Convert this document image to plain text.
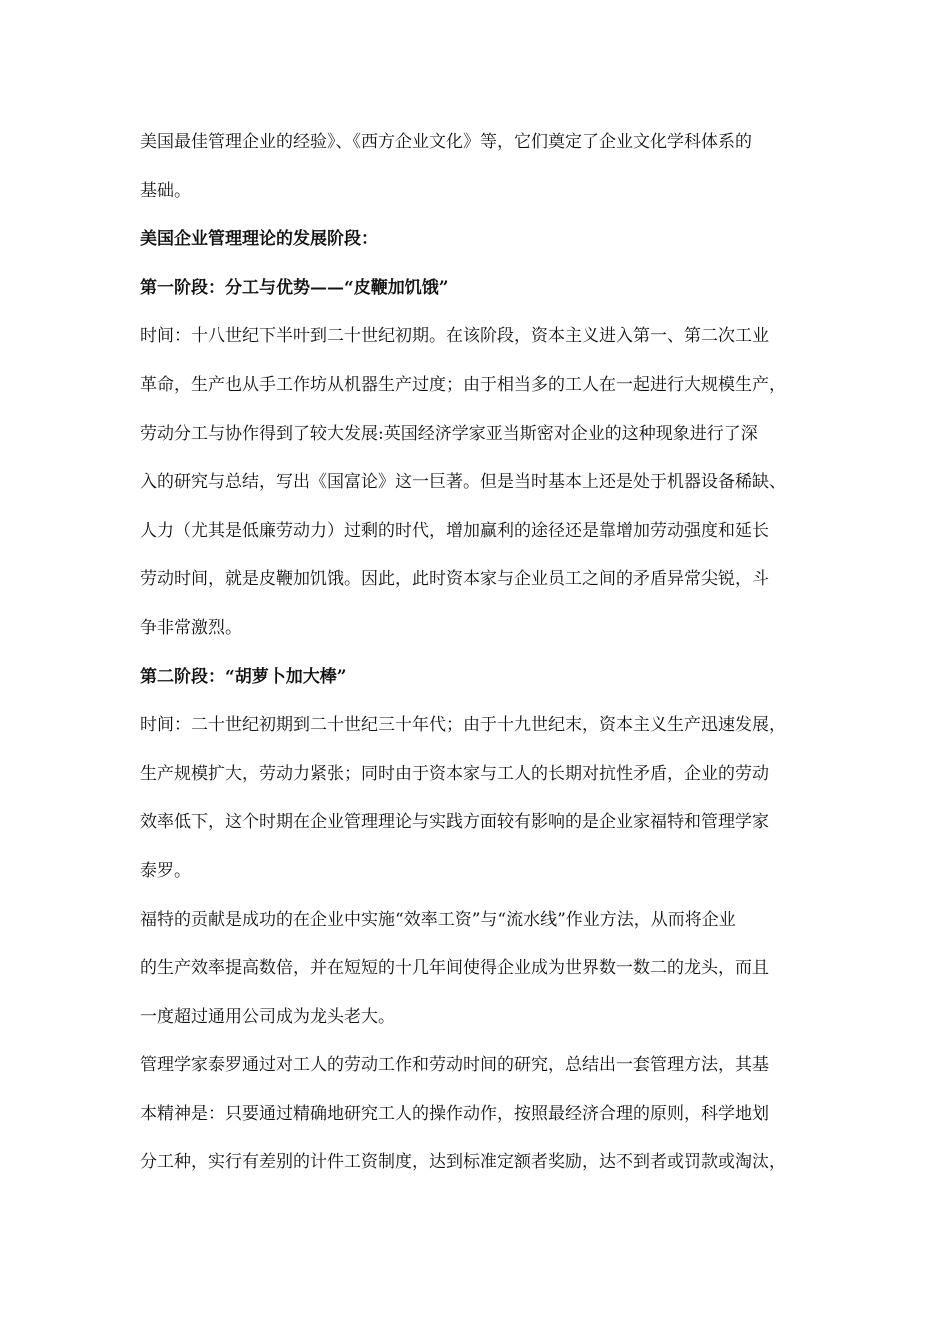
美国最佳管理企业的经验》、《西方企业文化》等，它们奠定了企业文化学科体系的
基础。
美国企业管理理论的发展阶段：
第一阶段：分工与优势——“皮鞭加饥饿”
时间：十八世纪下半叶到二十世纪初期。在该阶段，资本主义进入第一、第二次工业
革命，生产也从手工作坊从机器生产过度；由于相当多的工人在一起进行大规模生产，
劳动分工与协作得到了较大发展:英国经济学家亚当斯密对企业的这种现象进行了深
入的研究与总结，写出《国富论》这一巨著。但是当时基本上还是处于机器设备稀缺、
人力（尤其是低廉劳动力）过剩的时代，增加赢利的途径还是靠增加劳动强度和延长
劳动时间，就是皮鞭加饥饿。因此，此时资本家与企业员工之间的矛盾异常尖锐，斗
争非常激烈。
第二阶段：“胡萝卜加大棒”
时间：二十世纪初期到二十世纪三十年代；由于十九世纪末，资本主义生产迅速发展，
生产规模扩大，劳动力紧张；同时由于资本家与工人的长期对抗性矛盾，企业的劳动
效率低下，这个时期在企业管理理论与实践方面较有影响的是企业家福特和管理学家
泰罗。
福特的贡献是成功的在企业中实施“效率工资”与“流水线”作业方法，从而将企业
的生产效率提高数倍，并在短短的十几年间使得企业成为世界数一数二的龙头，而且
一度超过通用公司成为龙头老大。
管理学家泰罗通过对工人的劳动工作和劳动时间的研究，总结出一套管理方法，其基
本精神是：只要通过精确地研究工人的操作动作，按照最经济合理的原则，科学地划
分工种，实行有差别的计件工资制度，达到标准定额者奖励，达不到者或罚款或淘汰，
